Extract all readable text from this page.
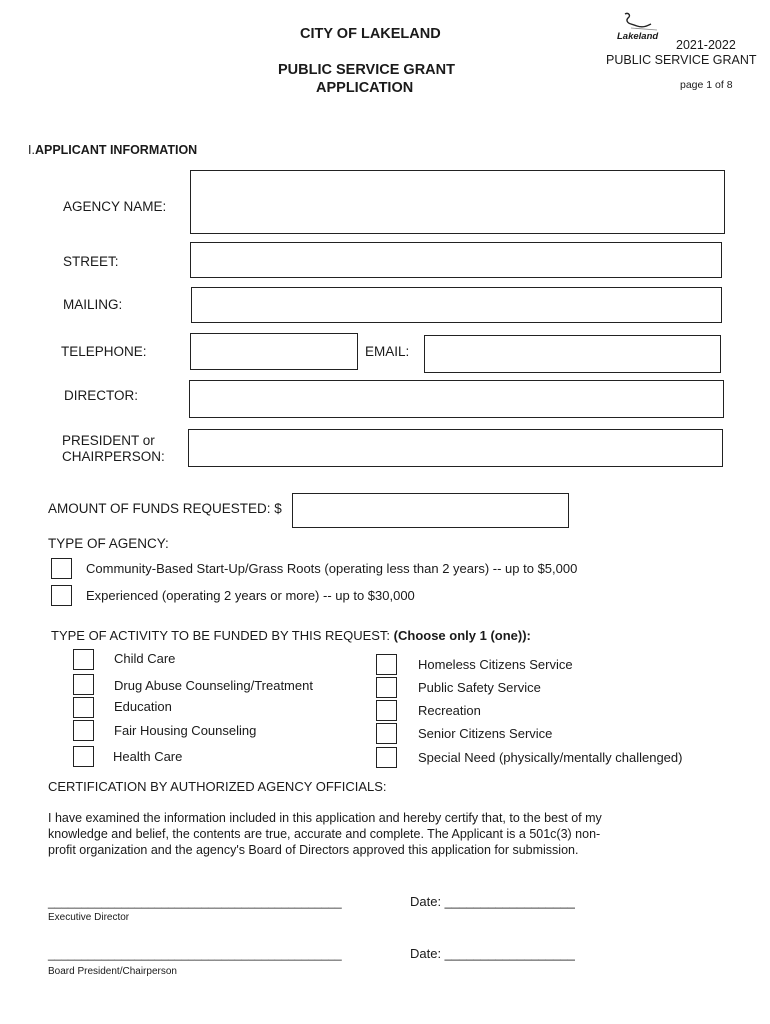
CITY OF LAKELAND
PUBLIC SERVICE GRANT
APPLICATION
Lakeland
2021-2022
PUBLIC SERVICE GRANT
page 1 of 8
I.APPLICANT INFORMATION
AGENCY NAME:
STREET:
MAILING:
TELEPHONE:	EMAIL:
DIRECTOR:
PRESIDENT or
CHAIRPERSON:
AMOUNT OF FUNDS REQUESTED: $
TYPE OF AGENCY:
Community-Based Start-Up/Grass Roots (operating less than 2 years) -- up to $5,000
Experienced (operating 2 years or more) -- up to $30,000
TYPE OF ACTIVITY TO BE FUNDED BY THIS REQUEST: (Choose only 1 (one)):
Child Care
Drug Abuse Counseling/Treatment
Education
Fair Housing Counseling
Health Care
Homeless Citizens Service
Public Safety Service
Recreation
Senior Citizens Service
Special Need (physically/mentally challenged)
CERTIFICATION BY AUTHORIZED AGENCY OFFICIALS:
I have examined the information included in this application and hereby certify that, to the best of my
knowledge and belief, the contents are true, accurate and complete. The Applicant is a 501c(3) non-
profit organization and the agency's Board of Directors approved this application for submission.
____________________________________________	Date: __________________
Executive Director
____________________________________________	Date: __________________
Board President/Chairperson
